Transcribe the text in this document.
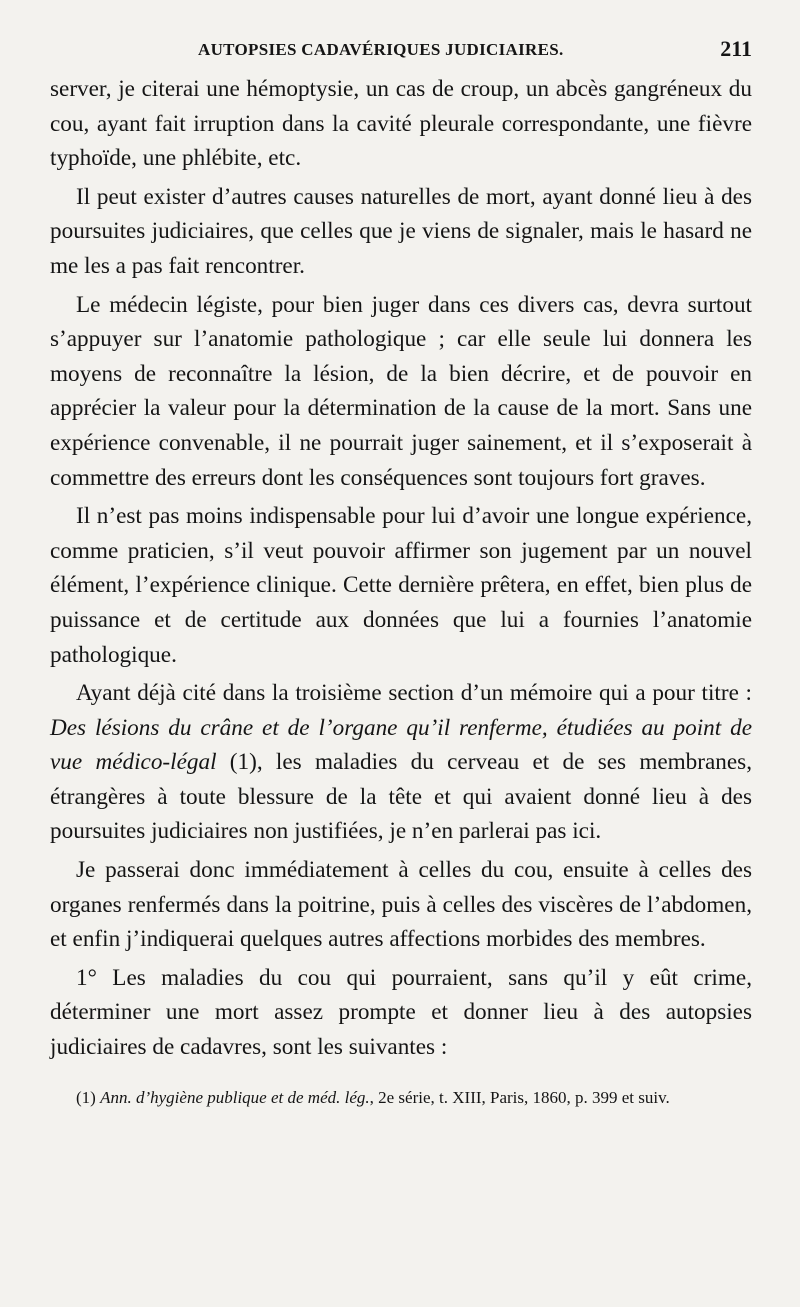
AUTOPSIES CADAVÉRIQUES JUDICIAIRES.	211

server, je citerai une hémoptysie, un cas de croup, un abcès gangréneux du cou, ayant fait irruption dans la cavité pleurale correspondante, une fièvre typhoïde, une phlébite, etc.

Il peut exister d’autres causes naturelles de mort, ayant donné lieu à des poursuites judiciaires, que celles que je viens de signaler, mais le hasard ne me les a pas fait rencontrer.

Le médecin légiste, pour bien juger dans ces divers cas, devra surtout s’appuyer sur l’anatomie pathologique ; car elle seule lui donnera les moyens de reconnaître la lésion, de la bien décrire, et de pouvoir en apprécier la valeur pour la détermination de la cause de la mort. Sans une expérience convenable, il ne pourrait juger sainement, et il s’exposerait à commettre des erreurs dont les conséquences sont toujours fort graves.

Il n’est pas moins indispensable pour lui d’avoir une longue expérience, comme praticien, s’il veut pouvoir affirmer son jugement par un nouvel élément, l’expérience clinique. Cette dernière prêtera, en effet, bien plus de puissance et de certitude aux données que lui a fournies l’anatomie pathologique.

Ayant déjà cité dans la troisième section d’un mémoire qui a pour titre : Des lésions du crâne et de l’organe qu’il renferme, étudiées au point de vue médico-légal (1), les maladies du cerveau et de ses membranes, étrangères à toute blessure de la tête et qui avaient donné lieu à des poursuites judiciaires non justifiées, je n’en parlerai pas ici.

Je passerai donc immédiatement à celles du cou, ensuite à celles des organes renfermés dans la poitrine, puis à celles des viscères de l’abdomen, et enfin j’indiquerai quelques autres affections morbides des membres.

1° Les maladies du cou qui pourraient, sans qu’il y eût crime, déterminer une mort assez prompte et donner lieu à des autopsies judiciaires de cadavres, sont les suivantes :

(1) Ann. d’hygiène publique et de méd. lég., 2e série, t. XIII, Paris, 1860, p. 399 et suiv.
